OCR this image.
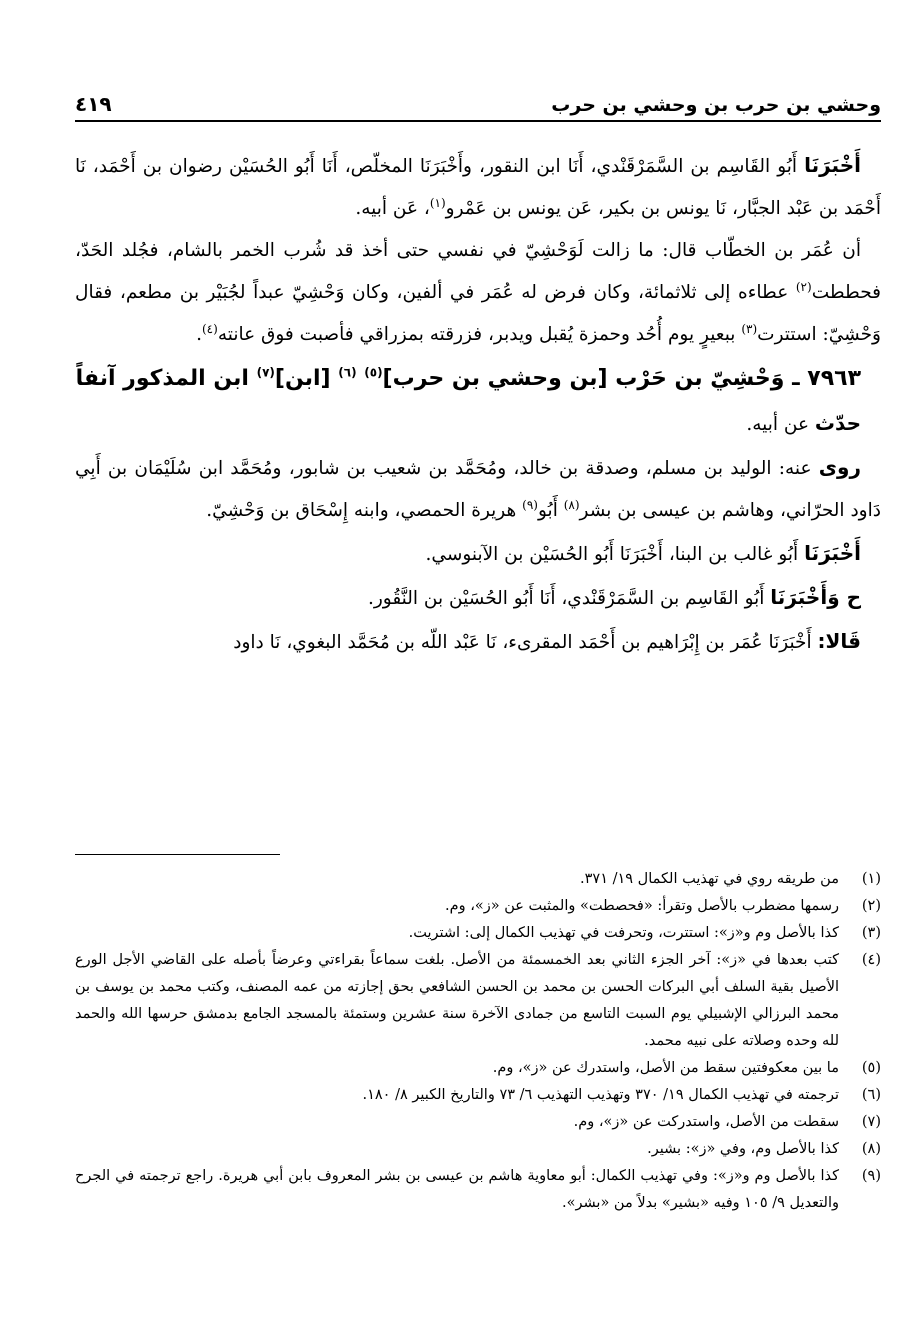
وحشي بن حرب بن وحشي بن حرب
٤١٩

أَخْبَرَنَا أَبُو القَاسِم بن السَّمَرْقَنْدي، أَنَا ابن النقور، وأَخْبَرَنَا المخلّص، أَنَا أَبُو الحُسَيْن رضوان بن أَحْمَد، نَا أَحْمَد بن عَبْد الجبَّار، نَا يونس بن بكير، عَن يونس بن عَمْرو$^{(١)}$، عَن أبيه.

أن عُمَر بن الخطّاب قال: ما زالت لَوَحْشِيّ في نفسي حتى أخذ قد شُرب الخمر بالشام، فجُلد الحَدّ، فحططت$^{(٢)}$ عطاءه إلى ثلاثمائة، وكان فرض له عُمَر في ألفين، وكان وَحْشِيّ عبداً لجُبَيْر بن مطعم، فقال وَحْشِيّ: استترت$^{(٣)}$ ببعيرٍ يوم أُحُد وحمزة يُقبل ويدبر، فزرقته بمزراقي فأصبت فوق عانته$^{(٤)}$.

٧٩٦٣ ـ وَحْشِيّ بن حَرْب [بن وحشي بن حرب]$^{(٥)}$ $^{(٦)}$ [ابن]$^{(٧)}$ ابن المذكور آنفاً

حدّث عن أبيه.

روى عنه: الوليد بن مسلم، وصدقة بن خالد، ومُحَمَّد بن شعيب بن شابور، ومُحَمَّد ابن سُلَيْمَان بن أَبِي دَاود الحرّاني، وهاشم بن عيسى بن بشر$^{(٨)}$ أَبُو$^{(٩)}$ هريرة الحمصي، وابنه إِسْحَاق بن وَحْشِيّ.

أَخْبَرَنَا أَبُو غالب بن البنا، أَخْبَرَنَا أَبُو الحُسَيْن بن الآبنوسي.

ح وَأَخْبَرَنَا أَبُو القَاسِم بن السَّمَرْقَنْدي، أَنَا أَبُو الحُسَيْن بن النَّقُور.

قَالا: أَخْبَرَنَا عُمَر بن إِبْرَاهيم بن أَحْمَد المقرىء، نَا عَبْد اللّه بن مُحَمَّد البغوي، نَا داود

(١)
من طريقه روي في تهذيب الكمال ١٩/ ٣٧١.
(٢)
رسمها مضطرب بالأصل وتقرأ: «فحصطت» والمثبت عن «ز»، وم.
(٣)
كذا بالأصل وم و«ز»: استترت، وتحرفت في تهذيب الكمال إلى: اشتريت.
(٤)
كتب بعدها في «ز»: آخر الجزء الثاني بعد الخمسمئة من الأصل. بلغت سماعاً بقراءتي وعرضاً بأصله على القاضي الأجل الورع الأصيل بقية السلف أبي البركات الحسن بن محمد بن الحسن الشافعي بحق إجازته من عمه المصنف، وكتب محمد بن يوسف بن محمد البرزالي الإشبيلي يوم السبت التاسع من جمادى الآخرة سنة عشرين وستمئة بالمسجد الجامع بدمشق حرسها الله والحمد لله وحده وصلاته على نبيه محمد.
(٥)
ما بين معكوفتين سقط من الأصل، واستدرك عن «ز»، وم.
(٦)
ترجمته في تهذيب الكمال ١٩/ ٣٧٠ وتهذيب التهذيب ٦/ ٧٣ والتاريخ الكبير ٨/ ١٨٠.
(٧)
سقطت من الأصل، واستدركت عن «ز»، وم.
(٨)
كذا بالأصل وم، وفي «ز»: بشير.
(٩)
كذا بالأصل وم و«ز»: وفي تهذيب الكمال: أبو معاوية هاشم بن عيسى بن بشر المعروف بابن أبي هريرة. راجع ترجمته في الجرح والتعديل ٩/ ١٠٥ وفيه «بشير» بدلاً من «بشر».
